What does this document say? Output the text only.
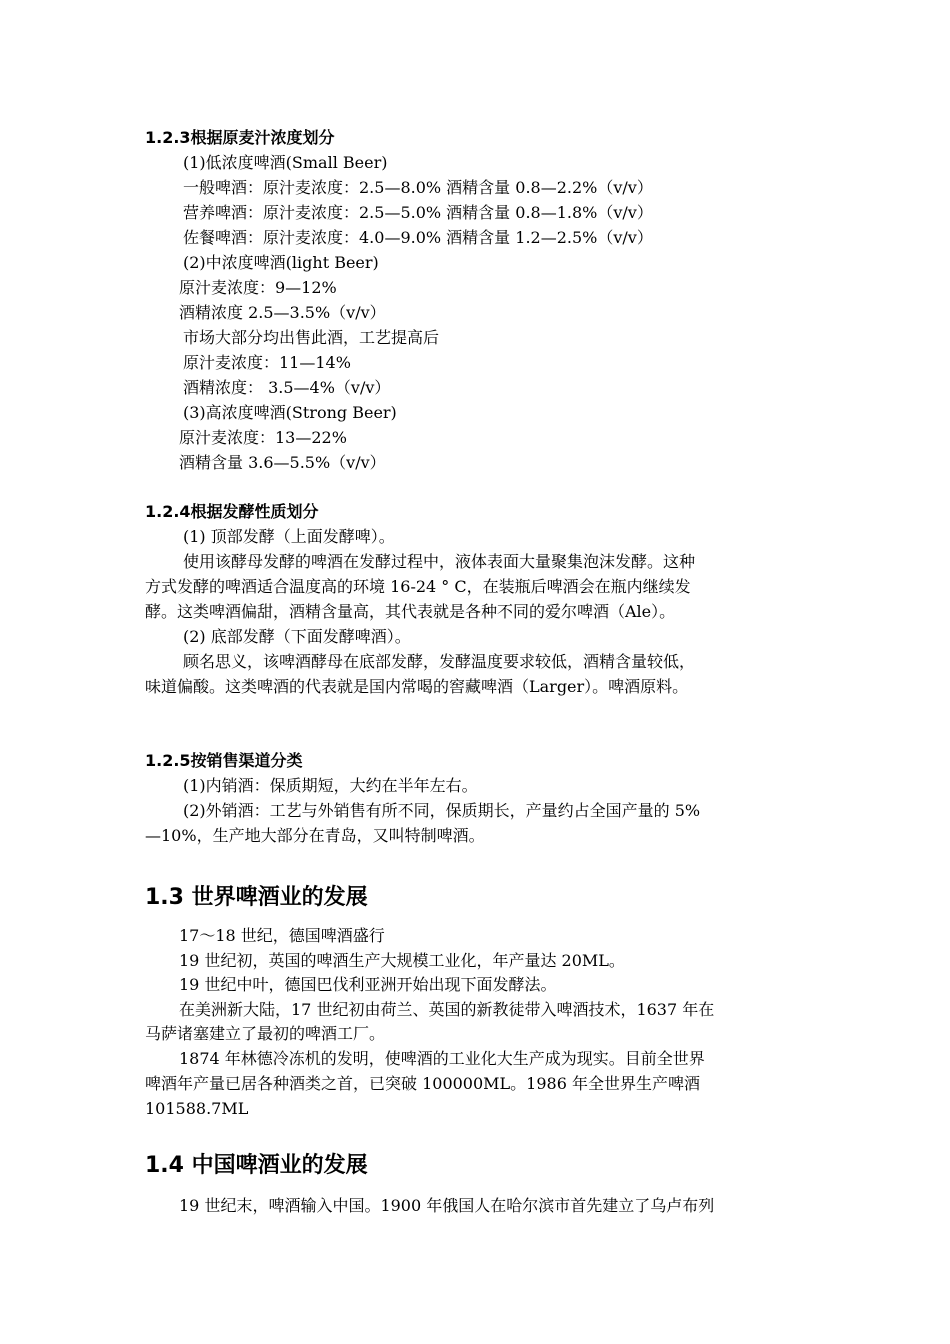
1.2.3根据原麦汁浓度划分
(1)低浓度啤酒(Small Beer)
一般啤酒：原汁麦浓度：2.5—8.0% 酒精含量 0.8—2.2%（v/v）
营养啤酒：原汁麦浓度：2.5—5.0% 酒精含量 0.8—1.8%（v/v）
佐餐啤酒：原汁麦浓度：4.0—9.0% 酒精含量 1.2—2.5%（v/v）
(2)中浓度啤酒(light Beer)
原汁麦浓度：9—12%
酒精浓度 2.5—3.5%（v/v）
市场大部分均出售此酒，工艺提高后
原汁麦浓度：11—14%
酒精浓度： 3.5—4%（v/v）
(3)高浓度啤酒(Strong Beer)
原汁麦浓度：13—22%
酒精含量 3.6—5.5%（v/v）
1.2.4根据发酵性质划分
(1) 顶部发酵（上面发酵啤）。
使用该酵母发酵的啤酒在发酵过程中，液体表面大量聚集泡沫发酵。这种
方式发酵的啤酒适合温度高的环境 16-24 ° C，在装瓶后啤酒会在瓶内继续发
酵。这类啤酒偏甜，酒精含量高，其代表就是各种不同的爱尔啤酒（Ale）。
(2) 底部发酵（下面发酵啤酒）。
顾名思义，该啤酒酵母在底部发酵，发酵温度要求较低，酒精含量较低，
味道偏酸。这类啤酒的代表就是国内常喝的窖藏啤酒（Larger）。啤酒原料。
1.2.5按销售渠道分类
(1)内销酒：保质期短，大约在半年左右。
(2)外销酒：工艺与外销售有所不同，保质期长，产量约占全国产量的 5%
—10%，生产地大部分在青岛，又叫特制啤酒。
1.3 世界啤酒业的发展
17～18 世纪，德国啤酒盛行
19 世纪初，英国的啤酒生产大规模工业化，年产量达 20ML。
19 世纪中叶，德国巴伐利亚洲开始出现下面发酵法。
在美洲新大陆，17 世纪初由荷兰、英国的新教徒带入啤酒技术，1637 年在
马萨诸塞建立了最初的啤酒工厂。
1874 年林德冷冻机的发明，使啤酒的工业化大生产成为现实。目前全世界
啤酒年产量已居各种酒类之首，已突破 100000ML。1986 年全世界生产啤酒
101588.7ML
1.4 中国啤酒业的发展
19 世纪末，啤酒输入中国。1900 年俄国人在哈尔滨市首先建立了乌卢布列
